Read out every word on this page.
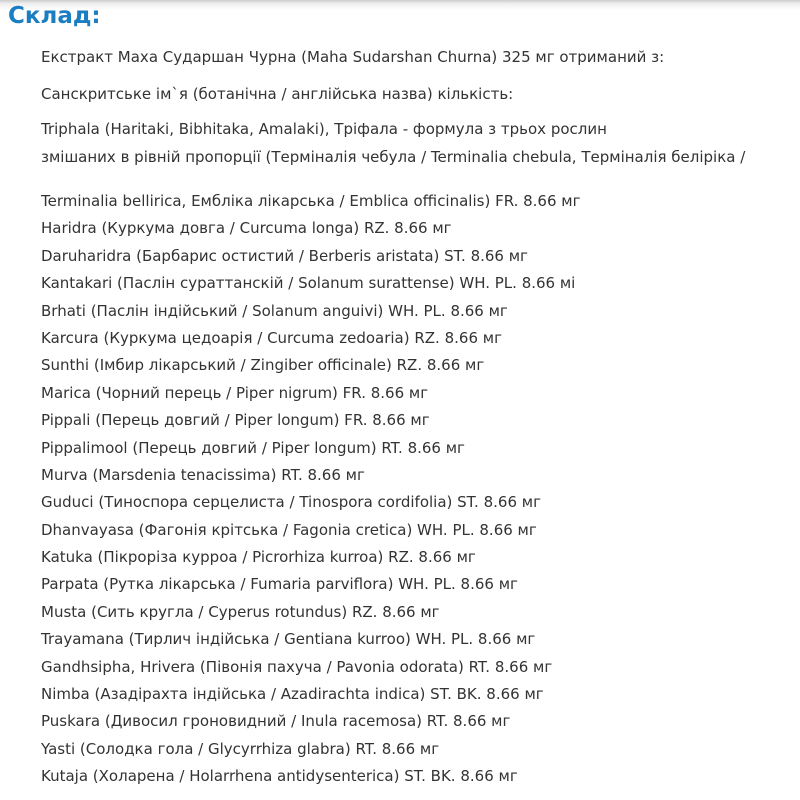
Склад:
Екстракт Маха Сударшан Чурна (Maha Sudarshan Churna) 325 мг отриманий з:
Санскритське ім`я (ботанічна / англійська назва) кількість:
Triphala (Haritaki, Bibhitaka, Amalaki), Тріфала - формула з трьох рослин
змішаних в рівній пропорції (Терміналія чебула / Terminalia chebula, Терміналія беліріка /
Terminalia bellirica, Ембліка лікарська / Emblica officinalis) FR. 8.66 мг
Haridra (Куркума довга / Curcuma longa) RZ. 8.66 мг
Daruharidra (Барбарис остистий / Berberis aristata) ST. 8.66 мг
Kantakari (Паслін сураттанскій / Solanum surattense) WH. PL. 8.66 мі
Brhati (Паслін індійський / Solanum anguivi) WH. PL. 8.66 мг
Karcura (Куркума цедоарія / Curcuma zedoaria) RZ. 8.66 мг
Sunthi (Імбир лікарський / Zingiber officinale) RZ. 8.66 мг
Marica (Чорний перець / Piper nigrum) FR. 8.66 мг
Pippali (Перець довгий / Piper longum) FR. 8.66 мг
Pippalimool (Перець довгий / Piper longum) RT. 8.66 мг
Murva (Marsdenia tenacissima) RT. 8.66 мг
Guduci (Тиноспора серцелиста / Tinospora cordifolia) ST. 8.66 мг
Dhanvayasa (Фагонія крітська / Fagonia cretica) WH. PL. 8.66 мг
Katuka (Пікроріза курроа / Picrorhiza kurroa) RZ. 8.66 мг
Parpata (Рутка лікарська / Fumaria parviflora) WH. PL. 8.66 мг
Musta (Сить кругла / Cyperus rotundus) RZ. 8.66 мг
Trayamana (Тирлич індійська / Gentiana kurroo) WH. PL. 8.66 мг
Gandhsipha, Hrivera (Півонія пахуча / Pavonia odorata) RT. 8.66 мг
Nimba (Азадірахта індійська / Azadirachta indica) ST. BK. 8.66 мг
Puskara (Дивосил гроновидний / Inula racemosa) RT. 8.66 мг
Yasti (Солодка гола / Glycyrrhiza glabra) RT. 8.66 мг
Kutaja (Холарена / Holarrhena antidysenterica) ST. BK. 8.66 мг
